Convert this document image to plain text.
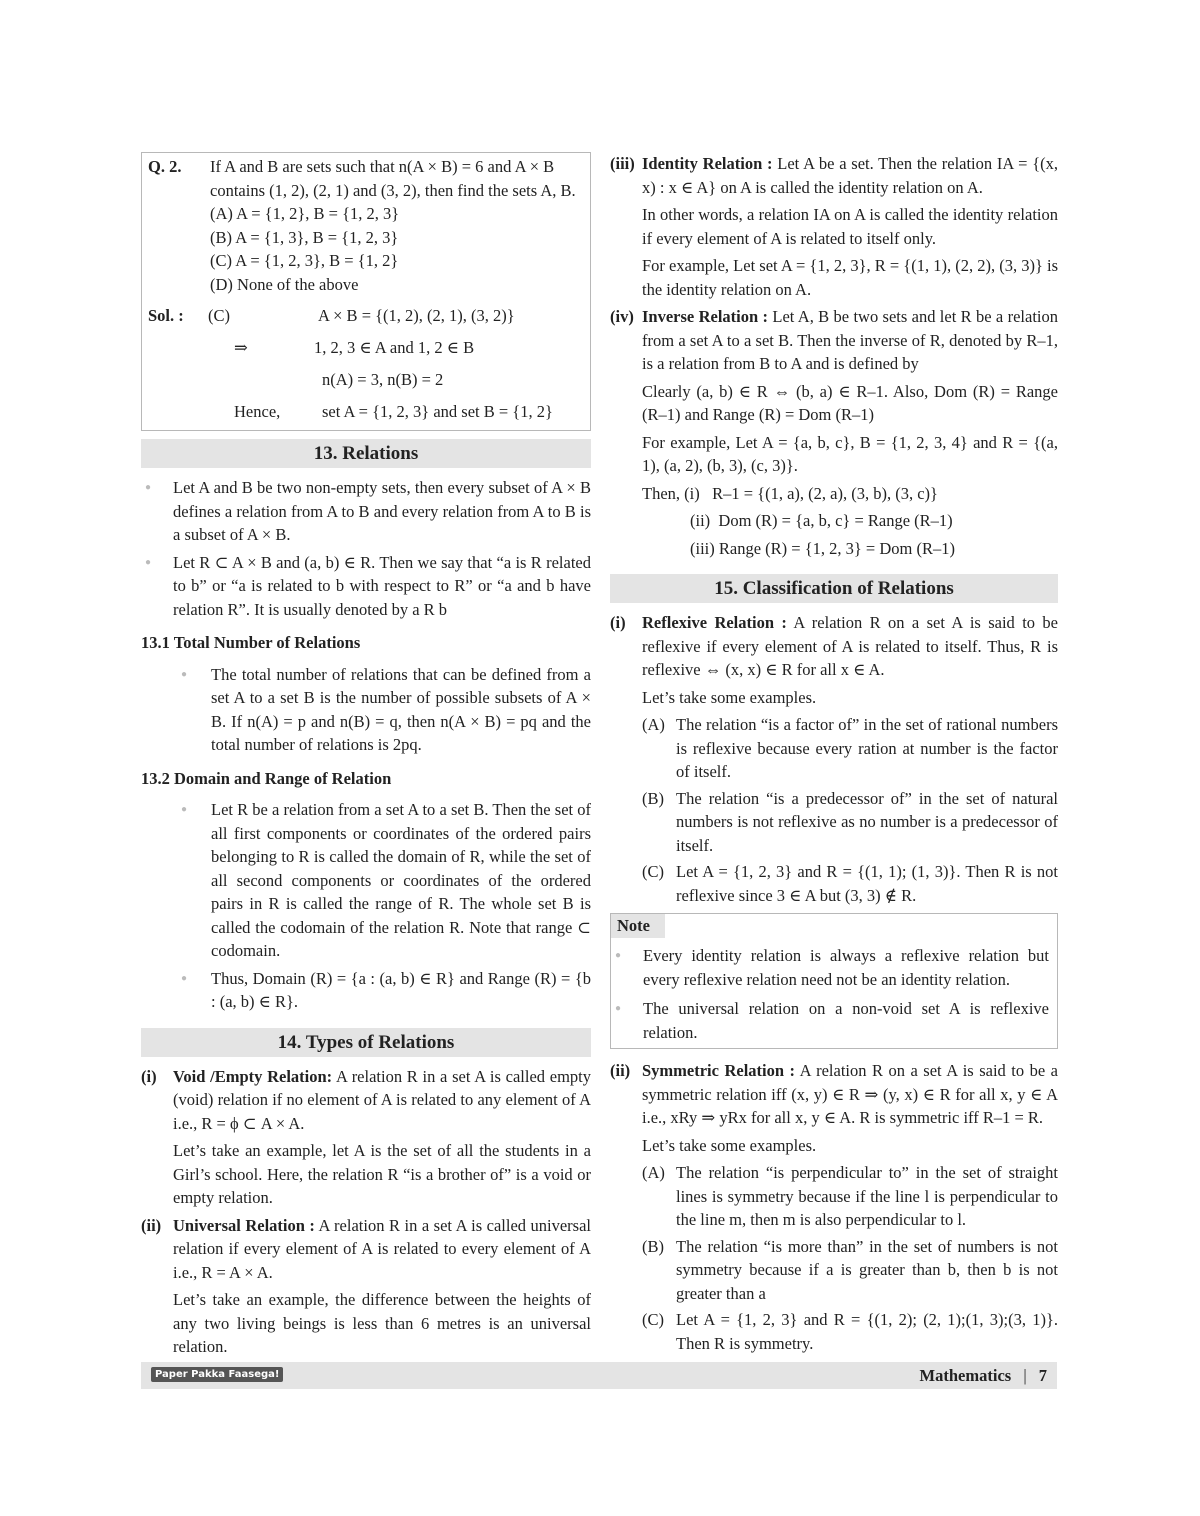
Q. 2.	If A and B are sets such that n(A × B) = 6 and A × B
contains (1, 2), (2, 1) and (3, 2), then find the sets A, B.
(A) A = {1, 2}, B = {1, 2, 3}
(B) A = {1, 3}, B = {1, 2, 3}
(C) A = {1, 2, 3}, B = {1, 2}
(D) None of the above
Sol. :	(C)	A × B = {(1, 2), (2, 1), (3, 2)}
⇒	1, 2, 3 ∈ A and 1, 2 ∈ B
n(A) = 3, n(B) = 2
Hence,	set A = {1, 2, 3} and set B = {1, 2}
13. Relations
● Let A and B be two non-empty sets, then every subset of A × B defines a relation from A to B and every relation from A to B is a subset of A × B.
● Let R ⊂ A × B and (a, b) ∈ R. Then we say that “a is R related to b” or “a is related to b with respect to R” or “a and b have relation R”. It is usually denoted by a R b
13.1 Total Number of Relations
● The total number of relations that can be defined from a set A to a set B is the number of possible subsets of A × B. If n(A) = p and n(B) = q, then n(A × B) = pq and the total number of relations is 2pq.
13.2 Domain and Range of Relation
● Let R be a relation from a set A to a set B. Then the set of all first components or coordinates of the ordered pairs belonging to R is called the domain of R, while the set of all second components or coordinates of the ordered pairs in R is called the range of R. The whole set B is called the codomain of the relation R. Note that range ⊂ codomain.
● Thus, Domain (R) = {a : (a, b) ∈ R} and Range (R) = {b : (a, b) ∈ R}.
14. Types of Relations
(i) Void /Empty Relation: A relation R in a set A is called empty (void) relation if no element of A is related to any element of A i.e., R = ϕ ⊂ A × A.
Let’s take an example, let A is the set of all the students in a Girl’s school. Here, the relation R “is a brother of” is a void or empty relation.
(ii) Universal Relation : A relation R in a set A is called universal relation if every element of A is related to every element of A i.e., R = A × A.
Let’s take an example, the difference between the heights of any two living beings is less than 6 metres is an universal relation.
(iii) Identity Relation : Let A be a set. Then the relation IA = {(x, x) : x ∈ A} on A is called the identity relation on A.
In other words, a relation IA on A is called the identity relation if every element of A is related to itself only.
For example, Let set A = {1, 2, 3}, R = {(1, 1), (2, 2), (3, 3)} is the identity relation on A.
(iv) Inverse Relation : Let A, B be two sets and let R be a relation from a set A to a set B. Then the inverse of R, denoted by R–1, is a relation from B to A and is defined by
Clearly (a, b) ∈ R ⇔ (b, a) ∈ R–1. Also, Dom (R) = Range (R–1) and Range (R) = Dom (R–1)
For example, Let A = {a, b, c}, B = {1, 2, 3, 4} and R = {(a, 1), (a, 2), (b, 3), (c, 3)}.
Then, (i)   R–1 = {(1, a), (2, a), (3, b), (3, c)}
(ii)  Dom (R) = {a, b, c} = Range (R–1)
(iii) Range (R) = {1, 2, 3} = Dom (R–1)
15. Classification of Relations
(i) Reflexive Relation : A relation R on a set A is said to be reflexive if every element of A is related to itself. Thus, R is reflexive ⇔ (x, x) ∈ R for all x ∈ A.
Let’s take some examples.
(A) The relation “is a factor of” in the set of rational numbers is reflexive because every ration at number is the factor of itself.
(B) The relation “is a predecessor of” in the set of natural numbers is not reflexive as no number is a predecessor of itself.
(C) Let A = {1, 2, 3} and R = {(1, 1); (1, 3)}. Then R is not reflexive since 3 ∈ A but (3, 3) ∉ R.
Note
● Every identity relation is always a reflexive relation but every reflexive relation need not be an identity relation.
● The universal relation on a non-void set A is reflexive relation.
(ii) Symmetric Relation : A relation R on a set A is said to be a symmetric relation iff (x, y) ∈ R ⇒ (y, x) ∈ R for all x, y ∈ A i.e., xRy ⇒ yRx for all x, y ∈ A. R is symmetric iff R–1 = R.
Let’s take some examples.
(A) The relation “is perpendicular to” in the set of straight lines is symmetry because if the line l is perpendicular to the line m, then m is also perpendicular to l.
(B) The relation “is more than” in the set of numbers is not symmetry because if a is greater than b, then b is not greater than a
(C) Let A = {1, 2, 3} and R = {(1, 2); (2, 1);(1, 3);(3, 1)}. Then R is symmetry.
Paper Pakka Faasega!	Mathematics | 7
